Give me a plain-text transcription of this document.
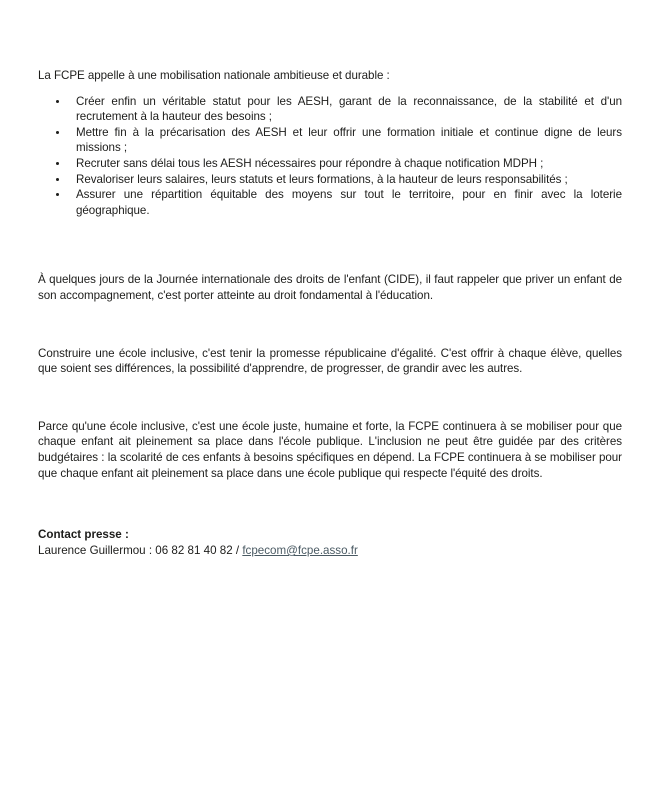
La FCPE appelle à une mobilisation nationale ambitieuse et durable :

Créer enfin un véritable statut pour les AESH, garant de la reconnaissance, de la stabilité et d'un recrutement à la hauteur des besoins ;
Mettre fin à la précarisation des AESH et leur offrir une formation initiale et continue digne de leurs missions ;
Recruter sans délai tous les AESH nécessaires pour répondre à chaque notification MDPH ;
Revaloriser leurs salaires, leurs statuts et leurs formations, à la hauteur de leurs responsabilités ;
Assurer une répartition équitable des moyens sur tout le territoire, pour en finir avec la loterie géographique.

À quelques jours de la Journée internationale des droits de l'enfant (CIDE), il faut rappeler que priver un enfant de son accompagnement, c'est porter atteinte au droit fondamental à l'éducation.

Construire une école inclusive, c'est tenir la promesse républicaine d'égalité. C'est offrir à chaque élève, quelles que soient ses différences, la possibilité d'apprendre, de progresser, de grandir avec les autres.

Parce qu'une école inclusive, c'est une école juste, humaine et forte, la FCPE continuera à se mobiliser pour que chaque enfant ait pleinement sa place dans l'école publique. L'inclusion ne peut être guidée par des critères budgétaires : la scolarité de ces enfants à besoins spécifiques en dépend. La FCPE continuera à se mobiliser pour que chaque enfant ait pleinement sa place dans une école publique qui respecte l'équité des droits.

Contact presse :

Laurence Guillermou : 06 82 81 40 82 / fcpecom@fcpe.asso.fr
